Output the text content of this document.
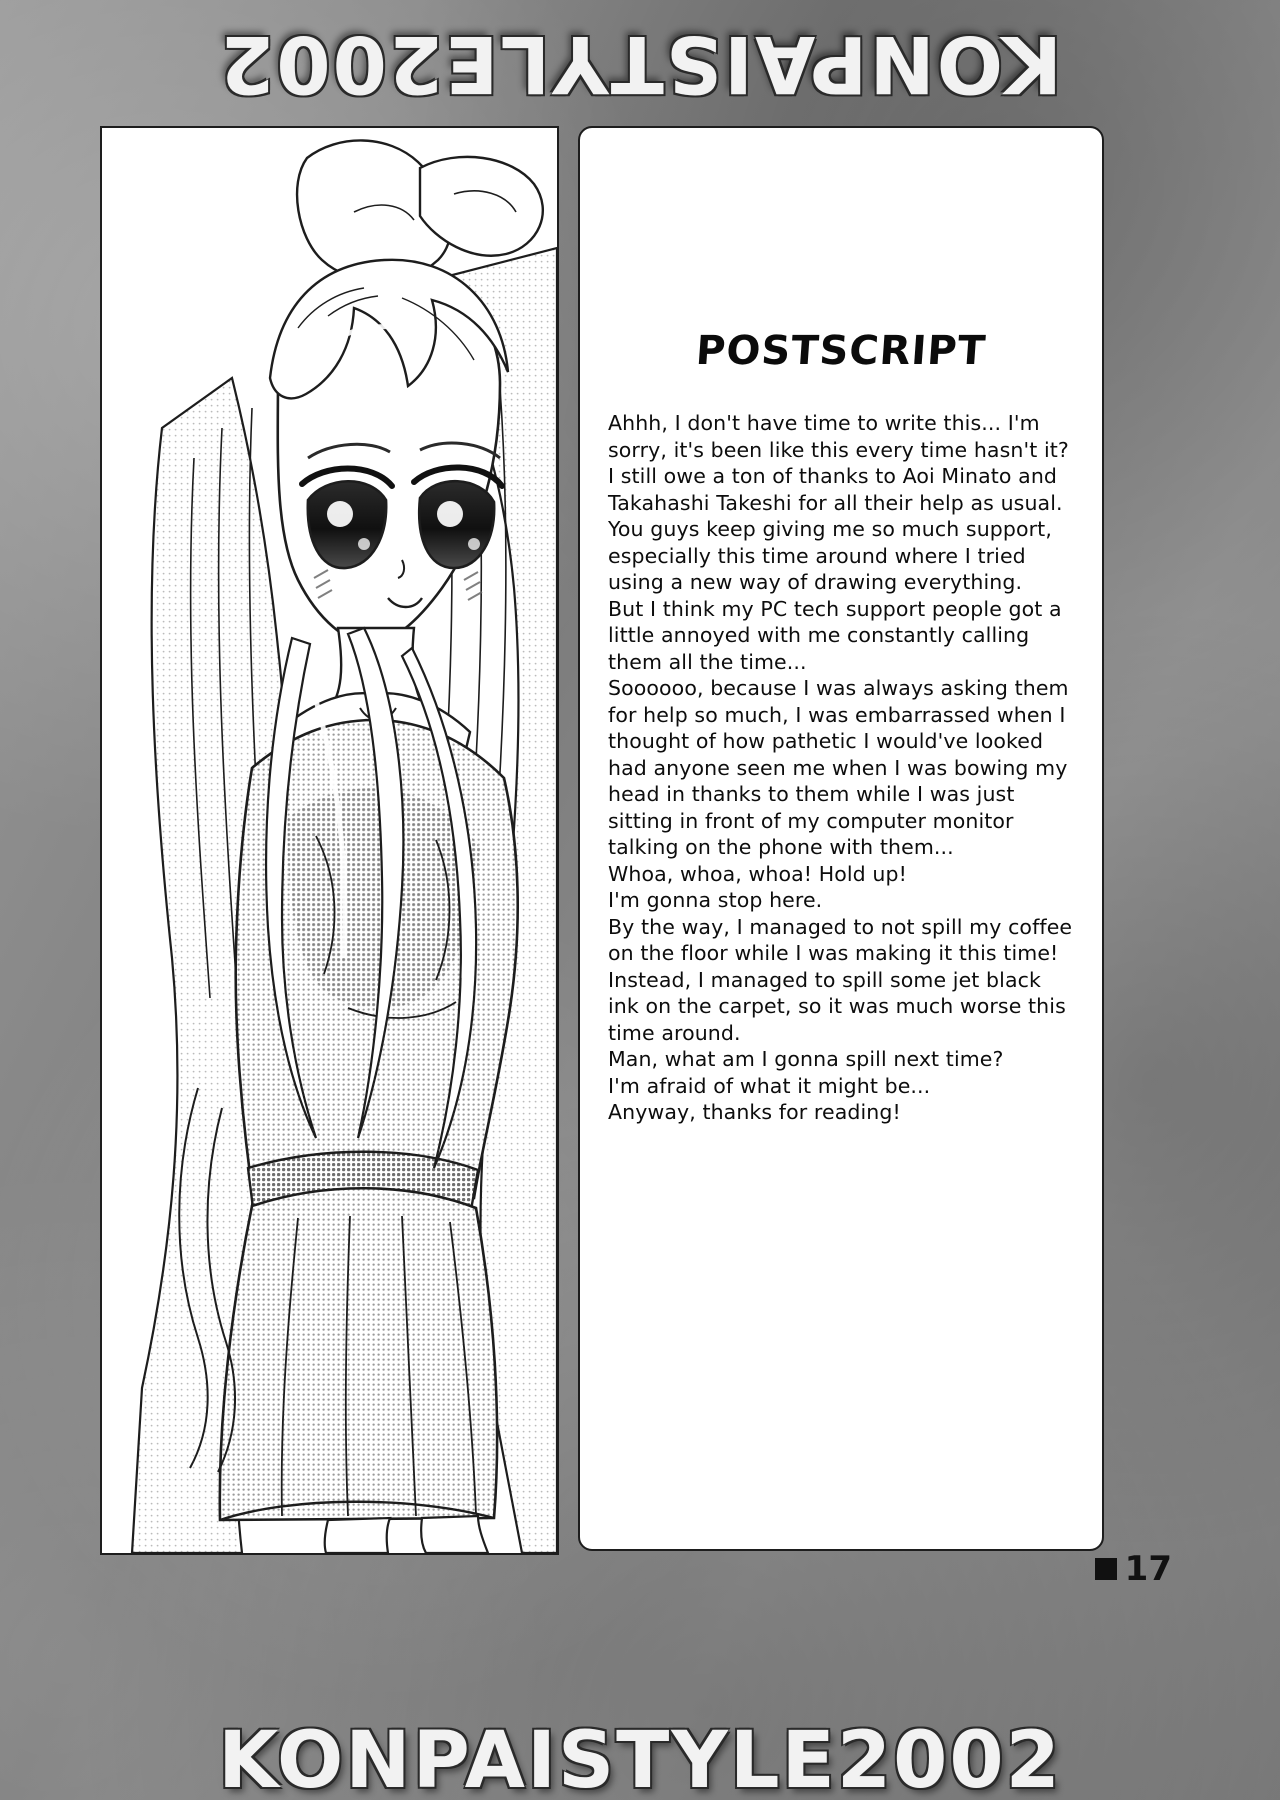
KONPAISTYLE2002
POSTSCRIPT

Ahhh, I don't have time to write this... I'm sorry, it's been like this every time hasn't it? I still owe a ton of thanks to Aoi Minato and Takahashi Takeshi for all their help as usual.

You guys keep giving me so much support, especially this time around where I tried using a new way of drawing everything.

But I think my PC tech support people got a little annoyed with me constantly calling them all the time...

Soooooo, because I was always asking them for help so much, I was embarrassed when I thought of how pathetic I would've looked had anyone seen me when I was bowing my head in thanks to them while I was just sitting in front of my computer monitor talking on the phone with them...

Whoa, whoa, whoa! Hold up!

I'm gonna stop here.

By the way, I managed to not spill my coffee on the floor while I was making it this time! Instead, I managed to spill some jet black ink on the carpet, so it was much worse this time around.

Man, what am I gonna spill next time?

I'm afraid of what it might be...

Anyway, thanks for reading!

17
KONPAISTYLE2002
